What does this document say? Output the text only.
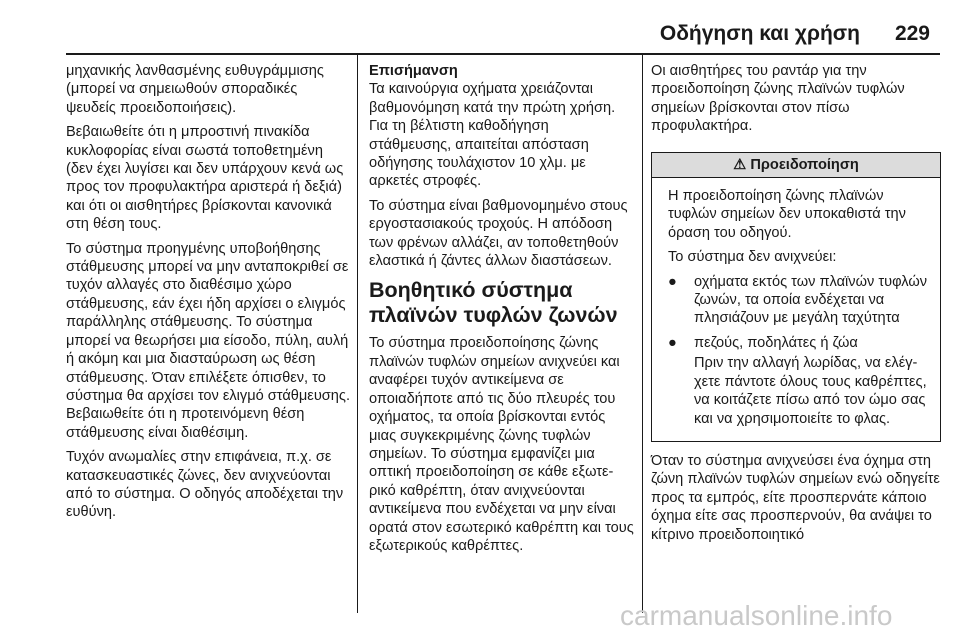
Οδήγηση και χρήση 229

μηχανικής λανθασμένης ευθυγράμμισης (μπορεί να σημειωθούν σποραδικές ψευδείς προειδοποιήσεις).

Βεβαιωθείτε ότι η μπροστινή πινακίδα κυκλοφορίας είναι σωστά τοποθετημένη (δεν έχει λυγίσει και δεν υπάρχουν κενά ως προς τον προφυλακτήρα αριστερά ή δεξιά) και ότι οι αισθητήρες βρίσκονται κανονικά στη θέση τους.

Το σύστημα προηγμένης υποβοήθησης στάθμευσης μπορεί να μην ανταποκριθεί σε τυχόν αλλαγές στο διαθέσιμο χώρο στάθμευσης, εάν έχει ήδη αρχίσει ο ελιγμός παράλληλης στάθμευσης. Το σύστημα μπορεί να θεωρήσει μια είσοδο, πύλη, αυλή ή ακόμη και μια διασταύρωση ως θέση στάθμευσης. Όταν επιλέξετε όπισθεν, το σύστημα θα αρχίσει τον ελιγμό στάθμευσης. Βεβαιωθείτε ότι η προτεινόμενη θέση στάθμευσης είναι διαθέσιμη.

Τυχόν ανωμαλίες στην επιφάνεια, π.χ. σε κατασκευαστικές ζώνες, δεν ανιχνεύονται από το σύστημα. Ο οδηγός αποδέχεται την ευθύνη.

Επισήμανση

Τα καινούργια οχήματα χρειάζονται βαθμονόμηση κατά την πρώτη χρήση. Για τη βέλτιστη καθοδήγηση στάθμευσης, απαιτείται απόσταση οδήγησης τουλάχιστον 10 χλμ. με αρκετές στροφές.

Το σύστημα είναι βαθμονομημένο στους εργοστασιακούς τροχούς. Η απόδοση των φρένων αλλάζει, αν τοποθετηθούν ελαστικά ή ζάντες άλλων διαστάσεων.

Βοηθητικό σύστημα πλαϊνών τυφλών ζωνών

Το σύστημα προειδοποίησης ζώνης πλαϊνών τυφλών σημείων ανιχνεύει και αναφέρει τυχόν αντικείμενα σε οποιαδήποτε από τις δύο πλευρές του οχήματος, τα οποία βρίσκονται εντός μιας συγκεκριμένης ζώνης τυφλών σημείων. Το σύστημα εμφανίζει μια οπτική προειδοποίηση σε κάθε εξωτερικό καθρέπτη, όταν ανιχνεύονται αντικείμενα που ενδέχεται να μην είναι ορατά στον εσωτερικό καθρέπτη και τους εξωτερικούς καθρέπτες.

Οι αισθητήρες του ραντάρ για την προειδοποίηση ζώνης πλαϊνών τυφλών σημείων βρίσκονται στον πίσω προφυλακτήρα.

⚠ Προειδοποίηση

Η προειδοποίηση ζώνης πλαϊνών τυφλών σημείων δεν υποκαθιστά την όραση του οδηγού.

Το σύστημα δεν ανιχνεύει:

● οχήματα εκτός των πλαϊνών τυφλών ζωνών, τα οποία ενδέχεται να πλησιάζουν με μεγάλη ταχύτητα
● πεζούς, ποδηλάτες ή ζώα

Πριν την αλλαγή λωρίδας, να ελέγχετε πάντοτε όλους τους καθρέπτες, να κοιτάζετε πίσω από τον ώμο σας και να χρησιμοποιείτε το φλας.

Όταν το σύστημα ανιχνεύσει ένα όχημα στη ζώνη πλαϊνών τυφλών σημείων ενώ οδηγείτε προς τα εμπρός, είτε προσπερνάτε κάποιο όχημα είτε σας προσπερνούν, θα ανάψει το κίτρινο προειδοποιητικό

carmanualsonline.info
